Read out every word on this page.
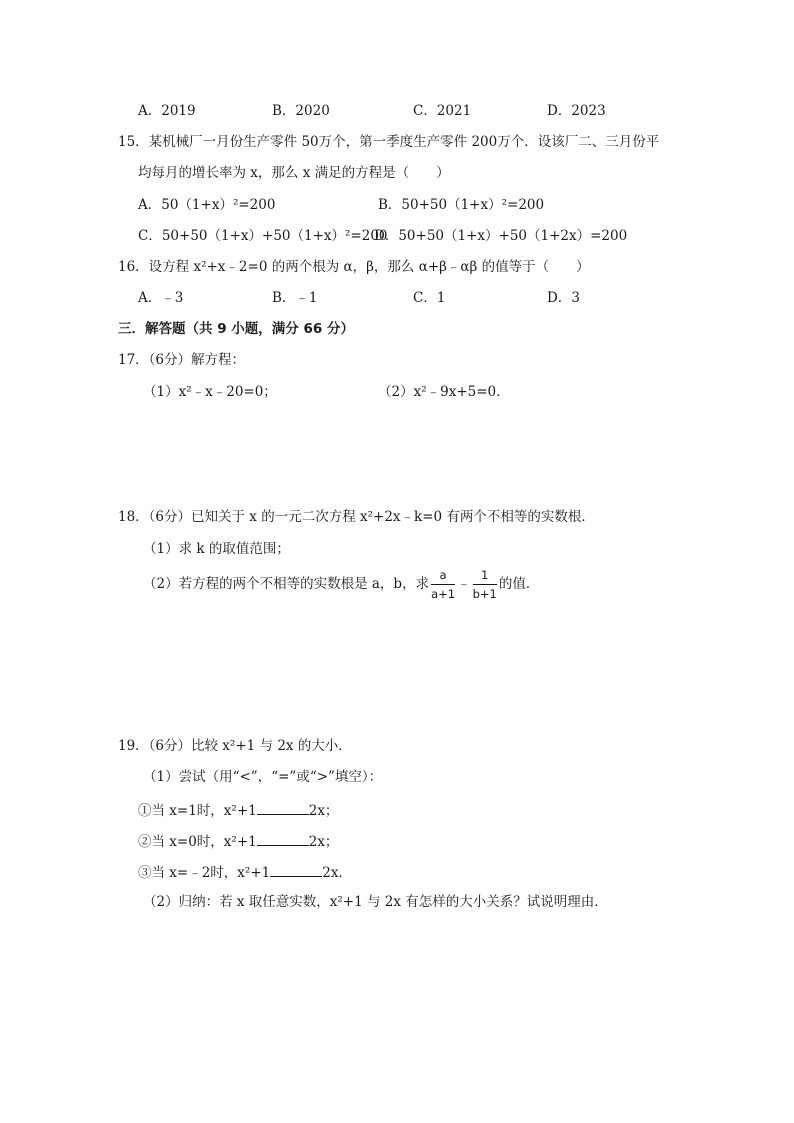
A．2019	B．2020	C．2021	D．2023
15．某机械厂一月份生产零件 50万个，第一季度生产零件 200万个．设该厂二、三月份平
均每月的增长率为 x，那么 x 满足的方程是（　　）
A．50（1+x）²=200	B．50+50（1+x）²=200
C．50+50（1+x）+50（1+x）²=200
D．50+50（1+x）+50（1+2x）=200
16．设方程 x²+x﹣2=0 的两个根为 α，β，那么 α+β﹣αβ 的值等于（　　）
A．﹣3	B．﹣1	C．1	D．3
三．解答题（共 9 小题，满分 66 分）
17．（6分）解方程：
（1）x²﹣x﹣20=0；	（2）x²﹣9x+5=0．
18．（6分）已知关于 x 的一元二次方程 x²+2x﹣k=0 有两个不相等的实数根．
（1）求 k 的取值范围；
（2）若方程的两个不相等的实数根是 a，b，求 $\frac{a}{a+1}$ ﹣ $\frac{1}{b+1}$ 的值．
19．（6分）比较 x²+1 与 2x 的大小．
（1）尝试（用“<”，“=”或“>”填空）：
①当 x=1时，x²+1	2x；
②当 x=0时，x²+1	2x；
③当 x=﹣2时，x²+1	2x．
（2）归纳：若 x 取任意实数，x²+1 与 2x 有怎样的大小关系？试说明理由．
